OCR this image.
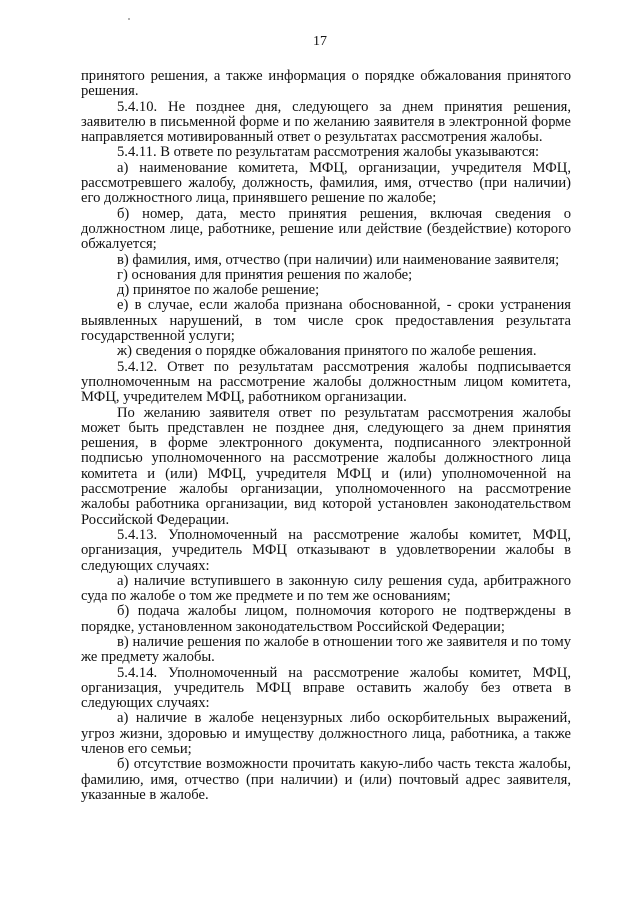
17

принятого решения, а также информация о порядке обжалования принятого решения.

5.4.10. Не позднее дня, следующего за днем принятия решения, заявителю в письменной форме и по желанию заявителя в электронной форме направляется мотивированный ответ о результатах рассмотрения жалобы.

5.4.11. В ответе по результатам рассмотрения жалобы указываются:

а) наименование комитета, МФЦ, организации, учредителя МФЦ, рассмотревшего жалобу, должность, фамилия, имя, отчество (при наличии) его должностного лица, принявшего решение по жалобе;

б) номер, дата, место принятия решения, включая сведения о должностном лице, работнике, решение или действие (бездействие) которого обжалуется;

в) фамилия, имя, отчество (при наличии) или наименование заявителя;

г) основания для принятия решения по жалобе;

д) принятое по жалобе решение;

е) в случае, если жалоба признана обоснованной, - сроки устранения выявленных нарушений, в том числе срок предоставления результата государственной услуги;

ж) сведения о порядке обжалования принятого по жалобе решения.

5.4.12. Ответ по результатам рассмотрения жалобы подписывается уполномоченным на рассмотрение жалобы должностным лицом комитета, МФЦ, учредителем МФЦ, работником организации.

По желанию заявителя ответ по результатам рассмотрения жалобы может быть представлен не позднее дня, следующего за днем принятия решения, в форме электронного документа, подписанного электронной подписью уполномоченного на рассмотрение жалобы должностного лица комитета и (или) МФЦ, учредителя МФЦ и (или) уполномоченной на рассмотрение жалобы организации, уполномоченного на рассмотрение жалобы работника организации, вид которой установлен законодательством Российской Федерации.

5.4.13. Уполномоченный на рассмотрение жалобы комитет, МФЦ, организация, учредитель МФЦ отказывают в удовлетворении жалобы в следующих случаях:

а) наличие вступившего в законную силу решения суда, арбитражного суда по жалобе о том же предмете и по тем же основаниям;

б) подача жалобы лицом, полномочия которого не подтверждены в порядке, установленном законодательством Российской Федерации;

в) наличие решения по жалобе в отношении того же заявителя и по тому же предмету жалобы.

5.4.14. Уполномоченный на рассмотрение жалобы комитет, МФЦ, организация, учредитель МФЦ вправе оставить жалобу без ответа в следующих случаях:

а) наличие в жалобе нецензурных либо оскорбительных выражений, угроз жизни, здоровью и имуществу должностного лица, работника, а также членов его семьи;

б) отсутствие возможности прочитать какую-либо часть текста жалобы, фамилию, имя, отчество (при наличии) и (или) почтовый адрес заявителя, указанные в жалобе.
